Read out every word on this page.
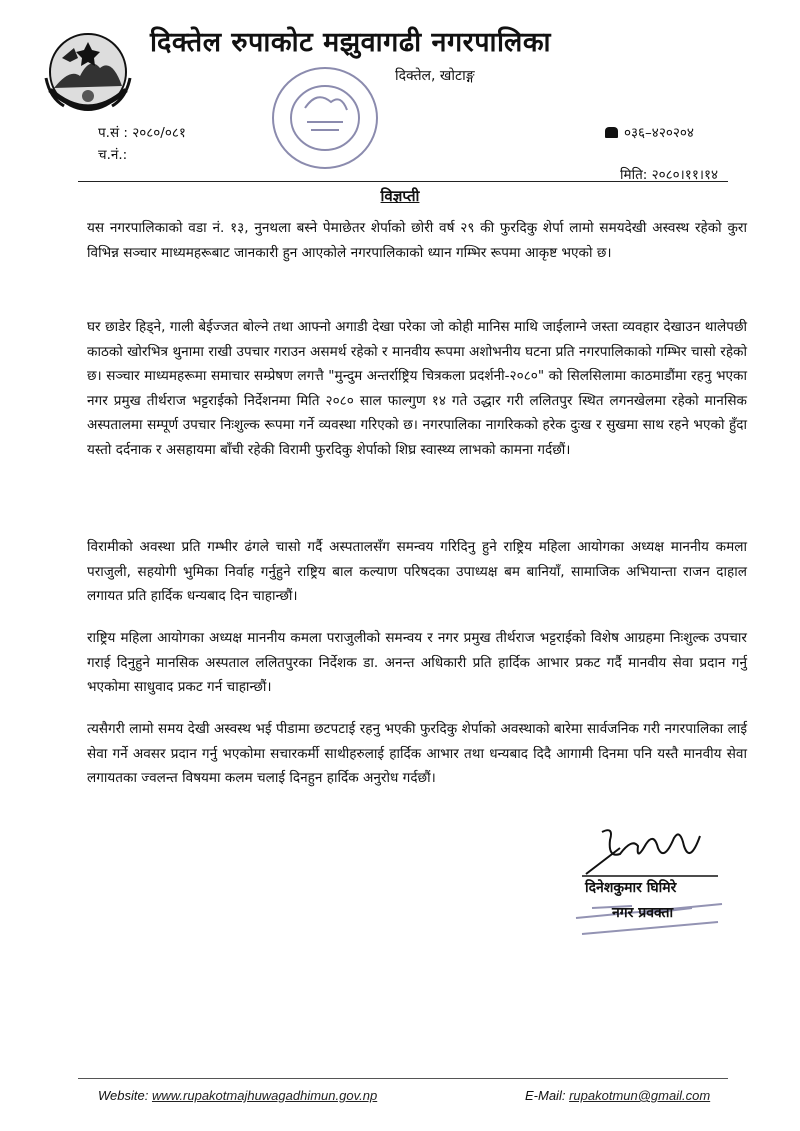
दिक्तेल रुपाकोट मझुवागढी नगरपालिका
दिक्तेल, खोटाङ्ग
प.सं : २०८०/०८१
च.नं.:
०३६–४२०२०४
मिति: २०८०।११।१४
विज्ञप्ती

यस नगरपालिकाको वडा नं. १३, नुनथला बस्ने पेमाछेतर शेर्पाको छोरी वर्ष २९ की फुरदिकु शेर्पा लामो समयदेखी अस्वस्थ रहेको कुरा विभिन्न सञ्चार माध्यमहरूबाट जानकारी हुन आएकोले नगरपालिकाको ध्यान गम्भिर रूपमा आकृष्ट भएको छ।

घर छाडेर हिड्ने, गाली बेईज्जत बोल्ने तथा आफ्नो अगाडी देखा परेका जो कोही मानिस माथि जाईलाग्ने जस्ता व्यवहार देखाउन थालेपछी काठको खोरभित्र थुनामा राखी उपचार गराउन असमर्थ रहेको र मानवीय रूपमा अशोभनीय घटना प्रति नगरपालिकाको गम्भिर चासो रहेको छ। सञ्चार माध्यमहरूमा समाचार सम्प्रेषण लगत्तै "मुन्दुम अन्तर्राष्ट्रिय चित्रकला प्रदर्शनी-२०८०" को सिलसिलामा काठमाडौंमा रहनु भएका नगर प्रमुख तीर्थराज भट्टराईको निर्देशनमा मिति २०८० साल फाल्गुण १४ गते उद्धार गरी ललितपुर स्थित लगनखेलमा रहेको मानसिक अस्पतालमा सम्पूर्ण उपचार निःशुल्क रूपमा गर्ने व्यवस्था गरिएको छ। नगरपालिका नागरिकको हरेक दुःख र सुखमा साथ रहने भएको हुँदा यस्तो दर्दनाक र असहायमा बाँची रहेकी विरामी फुरदिकु शेर्पाको शिघ्र स्वास्थ्य लाभको कामना गर्दछौं।

विरामीको अवस्था प्रति गम्भीर ढंगले चासो गर्दै अस्पतालसँग समन्वय गरिदिनु हुने राष्ट्रिय महिला आयोगका अध्यक्ष माननीय कमला पराजुली, सहयोगी भुमिका निर्वाह गर्नुहुने राष्ट्रिय बाल कल्याण परिषदका उपाध्यक्ष बम बानियाँ, सामाजिक अभियान्ता राजन दाहाल लगायत प्रति हार्दिक धन्यबाद दिन चाहान्छौं।

राष्ट्रिय महिला आयोगका अध्यक्ष माननीय कमला पराजुलीको समन्वय र नगर प्रमुख तीर्थराज भट्टराईको विशेष आग्रहमा निःशुल्क उपचार गराई दिनुहुने मानसिक अस्पताल ललितपुरका निर्देशक डा. अनन्त अधिकारी प्रति हार्दिक आभार प्रकट गर्दै मानवीय सेवा प्रदान गर्नु भएकोमा साधुवाद प्रकट गर्न चाहान्छौं।

त्यसैगरी लामो समय देखी अस्वस्थ भई पीडामा छटपटाई रहनु भएकी फुरदिकु शेर्पाको अवस्थाको बारेमा सार्वजनिक गरी नगरपालिका लाई सेवा गर्ने अवसर प्रदान गर्नु भएकोमा सचारकर्मी साथीहरुलाई हार्दिक आभार तथा धन्यबाद दिदै आगामी दिनमा पनि यस्तै मानवीय सेवा लगायतका ज्वलन्त विषयमा कलम चलाई दिनहुन हार्दिक अनुरोध गर्दछौं।

दिनेशकुमार घिमिरे
नगर प्रवक्ता
Website: www.rupakotmajhuwagadhimun.gov.np	E-Mail: rupakotmun@gmail.com
